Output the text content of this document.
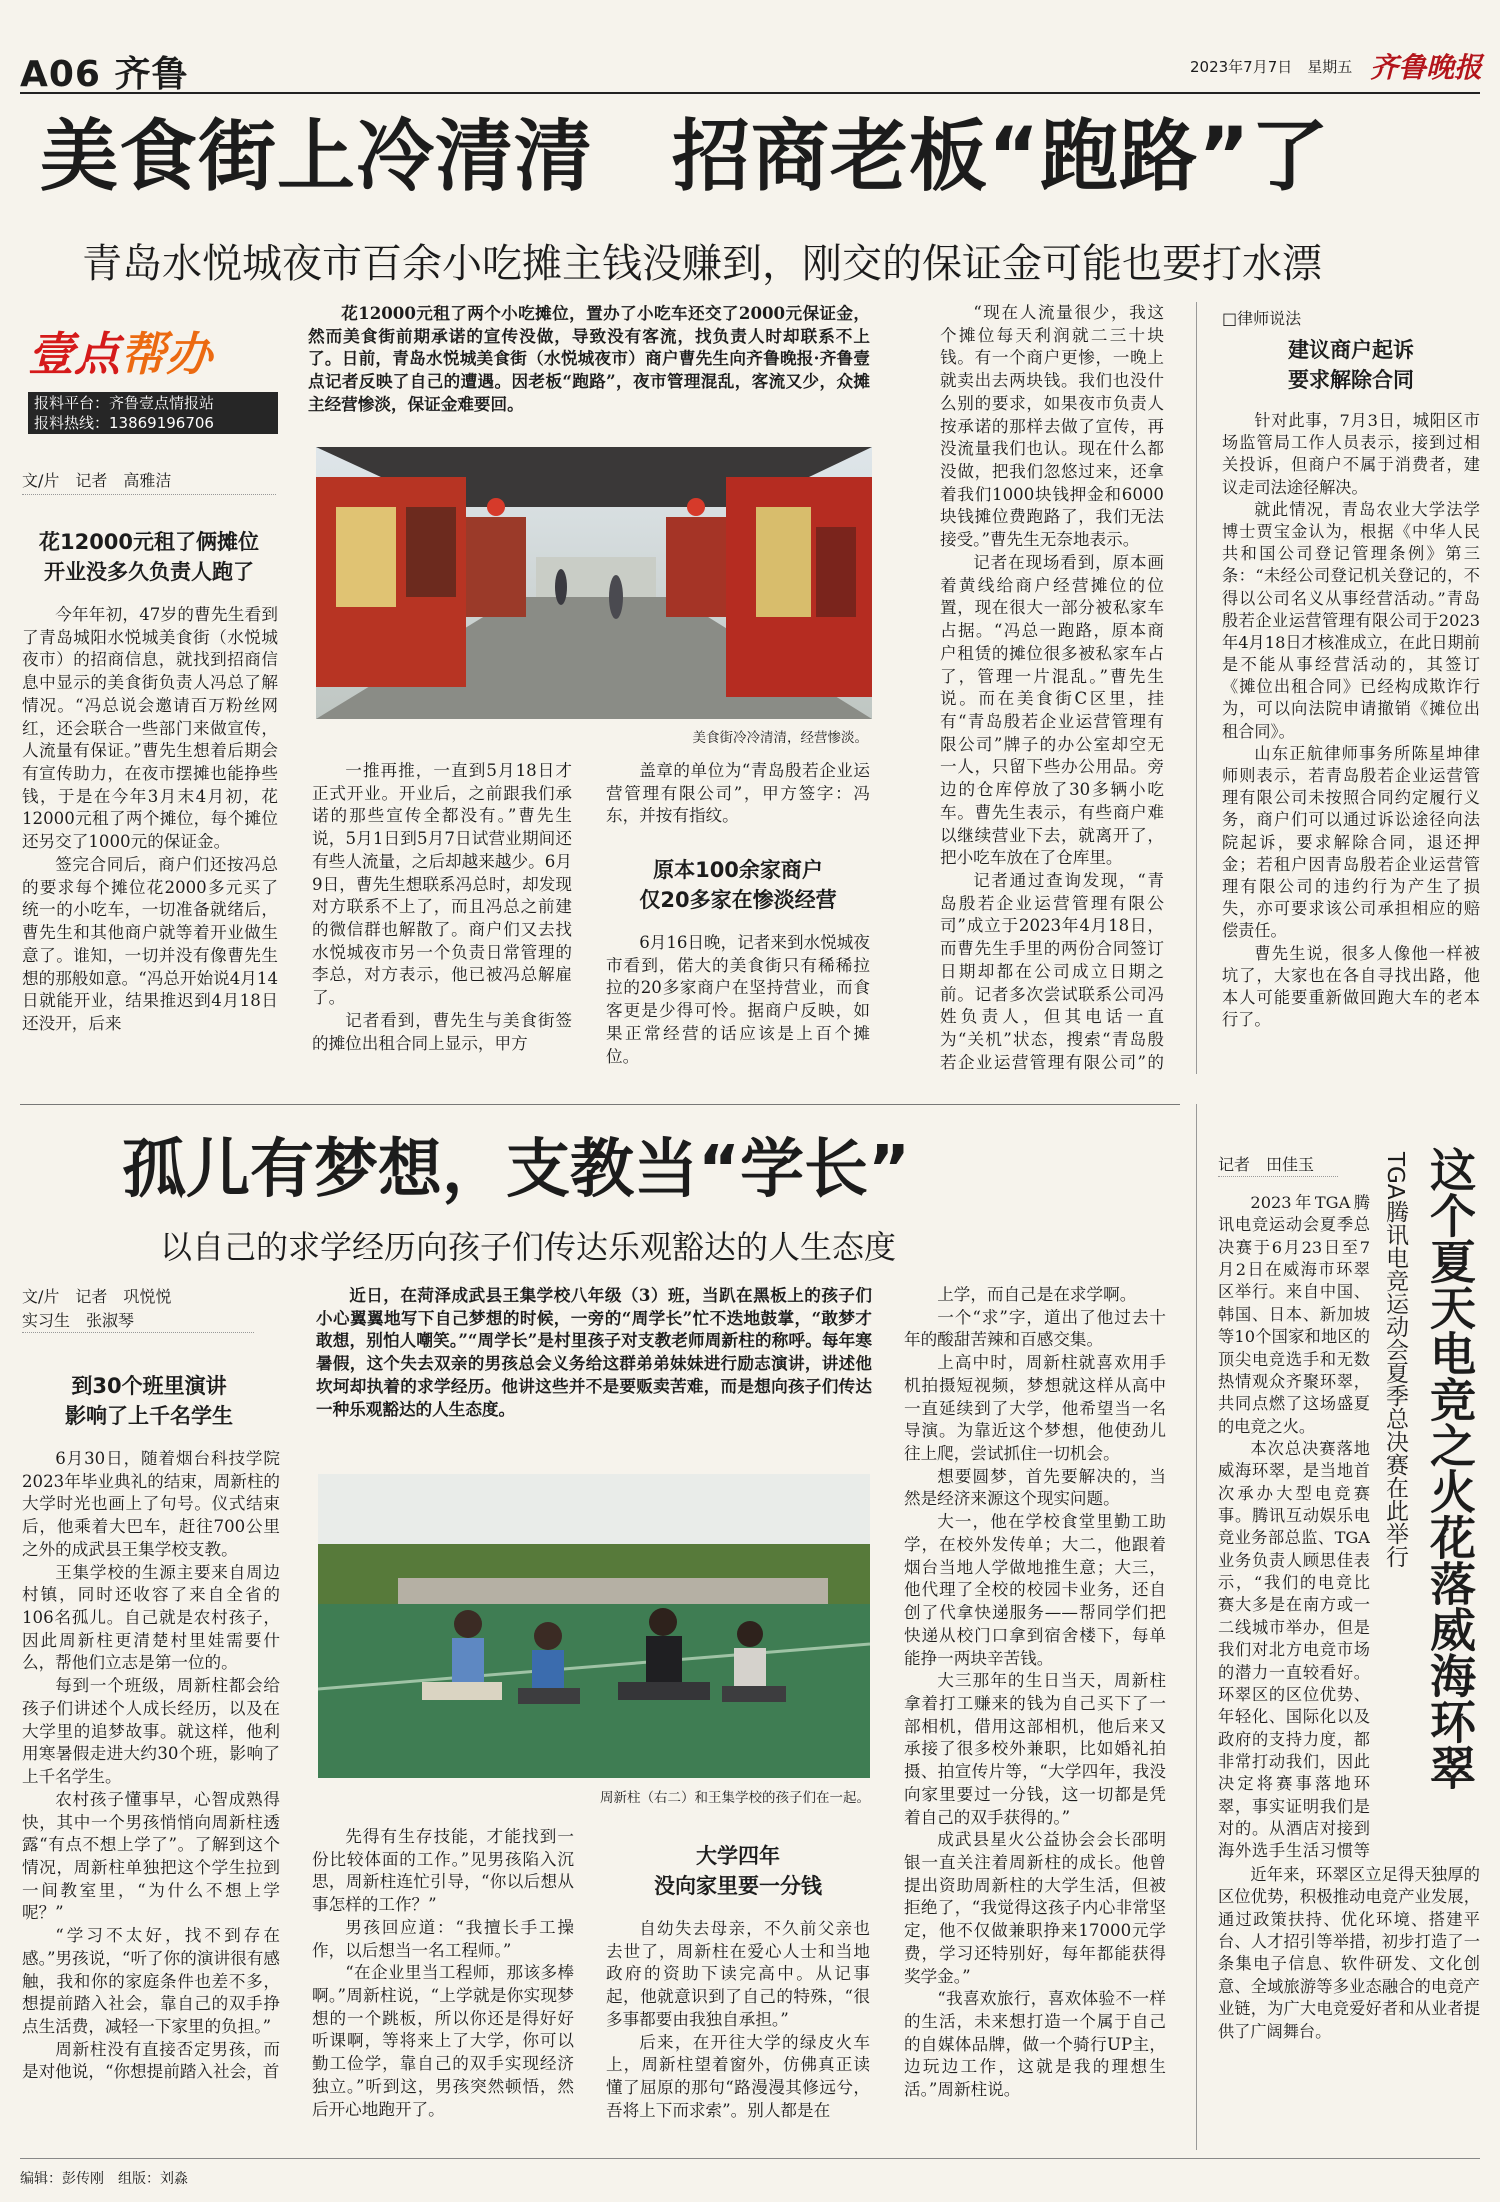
A06 齐鲁	2023年7月7日　星期五 齐鲁晚报
美食街上冷清清　招商老板“跑路”了
青岛水悦城夜市百余小吃摊主钱没赚到，刚交的保证金可能也要打水漂
壹点帮办
报料平台：齐鲁壹点情报站
报料热线：13869196706
文/片　记者　高雅洁
花12000元租了两个小吃摊位，置办了小吃车还交了2000元保证金，然而美食街前期承诺的宣传没做，导致没有客流，找负责人时却联系不上了。日前，青岛水悦城美食街（水悦城夜市）商户曹先生向齐鲁晚报·齐鲁壹点记者反映了自己的遭遇。因老板“跑路”，夜市管理混乱，客流又少，众摊主经营惨淡，保证金难要回。
美食街冷冷清清，经营惨淡。
花12000元租了俩摊位
开业没多久负责人跑了

今年年初，47岁的曹先生看到了青岛城阳水悦城美食街（水悦城夜市）的招商信息，就找到招商信息中显示的美食街负责人冯总了解情况。“冯总说会邀请百万粉丝网红，还会联合一些部门来做宣传，人流量有保证。”曹先生想着后期会有宣传助力，在夜市摆摊也能挣些钱，于是在今年3月末4月初，花12000元租了两个摊位，每个摊位还另交了1000元的保证金。

签完合同后，商户们还按冯总的要求每个摊位花2000多元买了统一的小吃车，一切准备就绪后，曹先生和其他商户就等着开业做生意了。谁知，一切并没有像曹先生想的那般如意。“冯总开始说4月14日就能开业，结果推迟到4月18日还没开，后来

一推再推，一直到5月18日才正式开业。开业后，之前跟我们承诺的那些宣传全都没有。”曹先生说，5月1日到5月7日试营业期间还有些人流量，之后却越来越少。6月9日，曹先生想联系冯总时，却发现对方联系不上了，而且冯总之前建的微信群也解散了。商户们又去找水悦城夜市另一个负责日常管理的李总，对方表示，他已被冯总解雇了。

记者看到，曹先生与美食街签的摊位出租合同上显示，甲方

盖章的单位为“青岛殷若企业运营管理有限公司”，甲方签字：冯东，并按有指纹。

原本100余家商户
仅20多家在惨淡经营

6月16日晚，记者来到水悦城夜市看到，偌大的美食街只有稀稀拉拉的20多家商户在坚持营业，而食客更是少得可怜。据商户反映，如果正常经营的话应该是上百个摊位。

“现在人流量很少，我这个摊位每天利润就二三十块钱。有一个商户更惨，一晚上就卖出去两块钱。我们也没什么别的要求，如果夜市负责人按承诺的那样去做了宣传，再没流量我们也认。现在什么都没做，把我们忽悠过来，还拿着我们1000块钱押金和6000块钱摊位费跑路了，我们无法接受。”曹先生无奈地表示。

记者在现场看到，原本画着黄线给商户经营摊位的位置，现在很大一部分被私家车占据。“冯总一跑路，原本商户租赁的摊位很多被私家车占了，管理一片混乱。”曹先生说。而在美食街C区里，挂有“青岛殷若企业运营管理有限公司”牌子的办公室却空无一人，只留下些办公用品。旁边的仓库停放了30多辆小吃车。曹先生表示，有些商户难以继续营业下去，就离开了，把小吃车放在了仓库里。

记者通过查询发现，“青岛殷若企业运营管理有限公司”成立于2023年4月18日，而曹先生手里的两份合同签订日期却都在公司成立日期之前。记者多次尝试联系公司冯姓负责人，但其电话一直为“关机”状态，搜索“青岛殷若企业运营管理有限公司”的

□律师说法
建议商户起诉
要求解除合同

针对此事，7月3日，城阳区市场监管局工作人员表示，接到过相关投诉，但商户不属于消费者，建议走司法途径解决。

就此情况，青岛农业大学法学博士贾宝金认为，根据《中华人民共和国公司登记管理条例》第三条：“未经公司登记机关登记的，不得以公司名义从事经营活动。”青岛殷若企业运营管理有限公司于2023年4月18日才核准成立，在此日期前是不能从事经营活动的，其签订《摊位出租合同》已经构成欺诈行为，可以向法院申请撤销《摊位出租合同》。

山东正航律师事务所陈星坤律师则表示，若青岛殷若企业运营管理有限公司未按照合同约定履行义务，商户们可以通过诉讼途径向法院起诉，要求解除合同，退还押金；若租户因青岛殷若企业运营管理有限公司的违约行为产生了损失，亦可要求该公司承担相应的赔偿责任。

曹先生说，很多人像他一样被坑了，大家也在各自寻找出路，他本人可能要重新做回跑大车的老本行了。

孤儿有梦想，支教当“学长”
以自己的求学经历向孩子们传达乐观豁达的人生态度
文/片　记者　巩悦悦
实习生　张淑琴
近日，在菏泽成武县王集学校八年级（3）班，当趴在黑板上的孩子们小心翼翼地写下自己梦想的时候，一旁的“周学长”忙不迭地鼓掌，“敢梦才敢想，别怕人嘲笑。”“周学长”是村里孩子对支教老师周新柱的称呼。每年寒暑假，这个失去双亲的男孩总会义务给这群弟弟妹妹进行励志演讲，讲述他坎坷却执着的求学经历。他讲这些并不是要贩卖苦难，而是想向孩子们传达一种乐观豁达的人生态度。
周新柱（右二）和王集学校的孩子们在一起。
到30个班里演讲
影响了上千名学生

6月30日，随着烟台科技学院2023年毕业典礼的结束，周新柱的大学时光也画上了句号。仪式结束后，他乘着大巴车，赶往700公里之外的成武县王集学校支教。

王集学校的生源主要来自周边村镇，同时还收容了来自全省的106名孤儿。自己就是农村孩子，因此周新柱更清楚村里娃需要什么，帮他们立志是第一位的。

每到一个班级，周新柱都会给孩子们讲述个人成长经历，以及在大学里的追梦故事。就这样，他利用寒暑假走进大约30个班，影响了上千名学生。

农村孩子懂事早，心智成熟得快，其中一个男孩悄悄向周新柱透露“有点不想上学了”。了解到这个情况，周新柱单独把这个学生拉到一间教室里，“为什么不想上学呢？”

“学习不太好，找不到存在感。”男孩说，“听了你的演讲很有感触，我和你的家庭条件也差不多，想提前踏入社会，靠自己的双手挣点生活费，减轻一下家里的负担。”

周新柱没有直接否定男孩，而是对他说，“你想提前踏入社会，首

先得有生存技能，才能找到一份比较体面的工作。”见男孩陷入沉思，周新柱连忙引导，“你以后想从事怎样的工作？”

男孩回应道：“我擅长手工操作，以后想当一名工程师。”

“在企业里当工程师，那该多棒啊。”周新柱说，“上学就是你实现梦想的一个跳板，所以你还是得好好听课啊，等将来上了大学，你可以勤工俭学，靠自己的双手实现经济独立。”听到这，男孩突然顿悟，然后开心地跑开了。

大学四年
没向家里要一分钱

自幼失去母亲，不久前父亲也去世了，周新柱在爱心人士和当地政府的资助下读完高中。从记事起，他就意识到了自己的特殊，“很多事都要由我独自承担。”

后来，在开往大学的绿皮火车上，周新柱望着窗外，仿佛真正读懂了屈原的那句“路漫漫其修远兮，吾将上下而求索”。别人都是在

上学，而自己是在求学啊。

一个“求”字，道出了他过去十年的酸甜苦辣和百感交集。

上高中时，周新柱就喜欢用手机拍摄短视频，梦想就这样从高中一直延续到了大学，他希望当一名导演。为靠近这个梦想，他使劲儿往上爬，尝试抓住一切机会。

想要圆梦，首先要解决的，当然是经济来源这个现实问题。

大一，他在学校食堂里勤工助学，在校外发传单；大二，他跟着烟台当地人学做地推生意；大三，他代理了全校的校园卡业务，还自创了代拿快递服务——帮同学们把快递从校门口拿到宿舍楼下，每单能挣一两块辛苦钱。

大三那年的生日当天，周新柱拿着打工赚来的钱为自己买下了一部相机，借用这部相机，他后来又承接了很多校外兼职，比如婚礼拍摄、拍宣传片等，“大学四年，我没向家里要过一分钱，这一切都是凭着自己的双手获得的。”

成武县星火公益协会会长邵明银一直关注着周新柱的成长。他曾提出资助周新柱的大学生活，但被拒绝了，“我觉得这孩子内心非常坚定，他不仅做兼职挣来17000元学费，学习还特别好，每年都能获得奖学金。”

“我喜欢旅行，喜欢体验不一样的生活，未来想打造一个属于自己的自媒体品牌，做一个骑行UP主，边玩边工作，这就是我的理想生活。”周新柱说。

记者　田佳玉 这个夏天电竞之火花落威海环翠
TGA腾讯电竞运动会夏季总决赛在此举行

2023年TGA腾讯电竞运动会夏季总决赛于6月23日至7月2日在威海市环翠区举行。来自中国、韩国、日本、新加坡等10个国家和地区的顶尖电竞选手和无数热情观众齐聚环翠，共同点燃了这场盛夏的电竞之火。

本次总决赛落地威海环翠，是当地首次承办大型电竞赛事。腾讯互动娱乐电竞业务部总监、TGA业务负责人顾思佳表示，“我们的电竞比赛大多是在南方或一二线城市举办，但是我们对北方电竞市场的潜力一直较看好。环翠区的区位优势、年轻化、国际化以及政府的支持力度，都非常打动我们，因此决定将赛事落地环翠，事实证明我们是对的。从酒店对接到海外选手生活习惯等

近年来，环翠区立足得天独厚的区位优势，积极推动电竞产业发展，通过政策扶持、优化环境、搭建平台、人才招引等举措，初步打造了一条集电子信息、软件研发、文化创意、全域旅游等多业态融合的电竞产业链，为广大电竞爱好者和从业者提供了广阔舞台。

编辑：彭传刚　组版：刘淼
